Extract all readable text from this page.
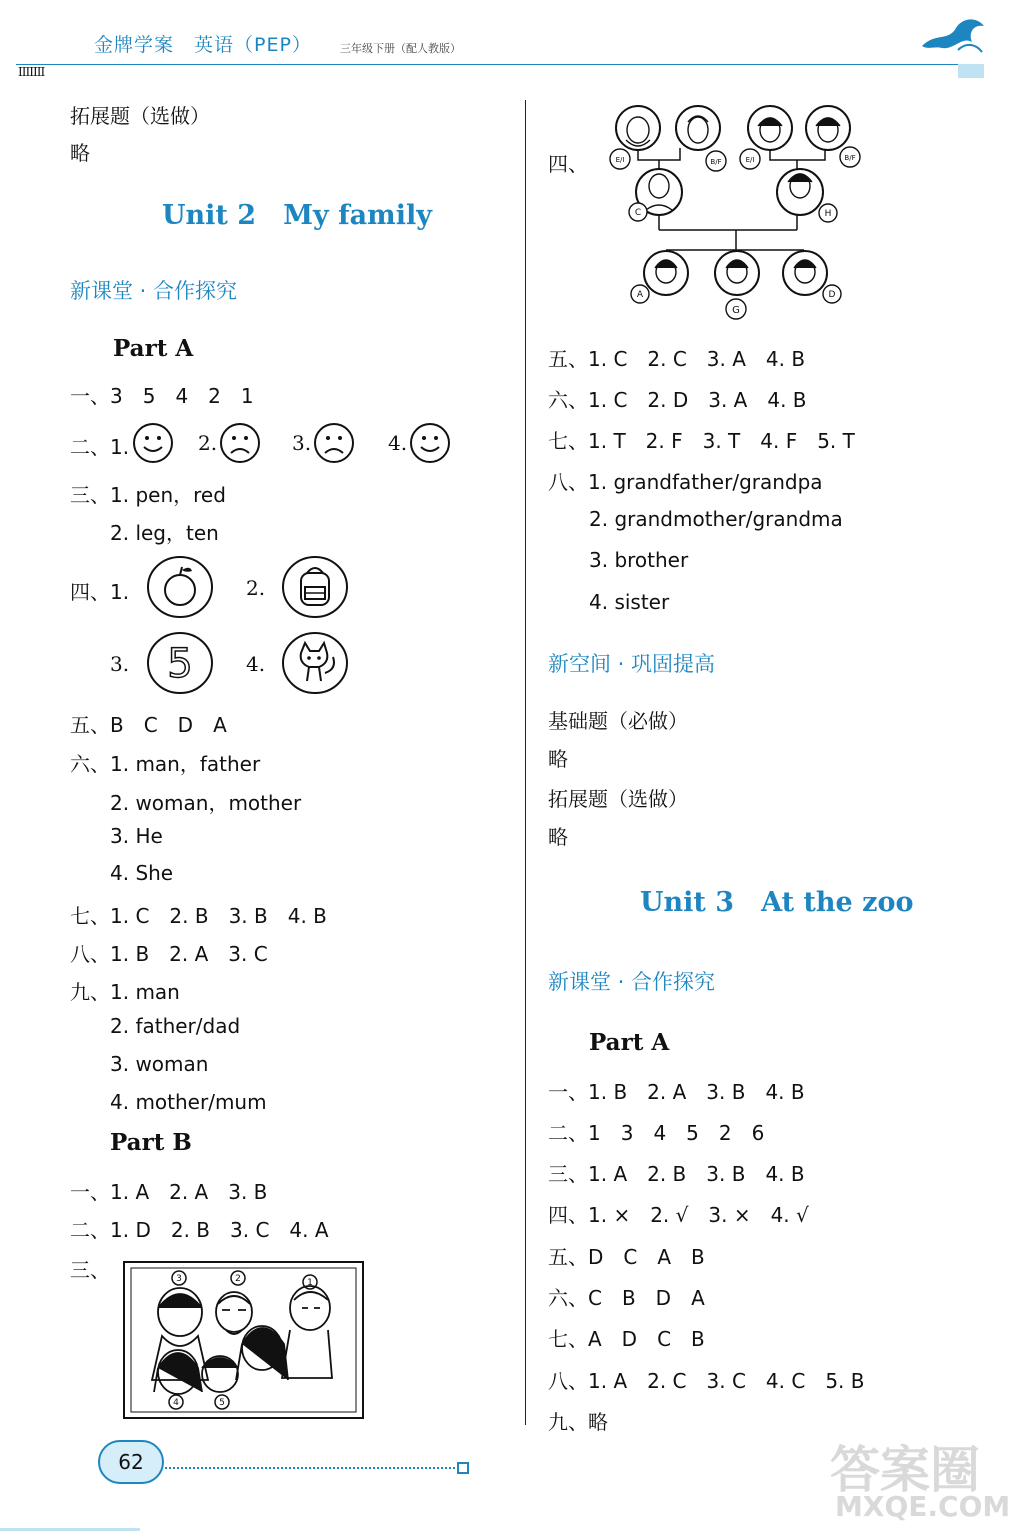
金牌学案　英语（PEP）	三年级下册（配人教版）
IIIIIII
拓展题（选做）
略
Unit 2　My family
新课堂 · 合作探究
Part A
一、3　5　4　2　1
二、1.	2.	3.	4.
三、1. pen，red
2. leg，ten
四、1.	2.
3. 5	4.
五、B　C　D　A
六、1. man，father
2. woman，mother
3. He
4. She
七、1. C　2. B　3. B　4. B
八、1. B　2. A　3. C
九、1. man
2. father/dad
3. woman
4. mother/mum
Part B
一、1. A　2. A　3. B
二、1. D　2. B　3. C　4. A
三、	3	2	1
4	5
四、	E/I	B/F	E/I	B/F
C	H
A
G
D
五、1. C　2. C　3. A　4. B
六、1. C　2. D　3. A　4. B
七、1. T　2. F　3. T　4. F　5. T
八、1. grandfather/grandpa
2. grandmother/grandma
3. brother
4. sister
新空间 · 巩固提高
基础题（必做）
略
拓展题（选做）
略
Unit 3　At the zoo
新课堂 · 合作探究
Part A
一、1. B　2. A　3. B　4. B
二、1　3　4　5　2　6
三、1. A　2. B　3. B　4. B
四、1. ×　2. √　3. ×　4. √
五、D　C　A　B
六、C　B　D　A
七、A　D　C　B
八、1. A　2. C　3. C　4. C　5. B
九、略
62	答案圈
MXQE.COM
